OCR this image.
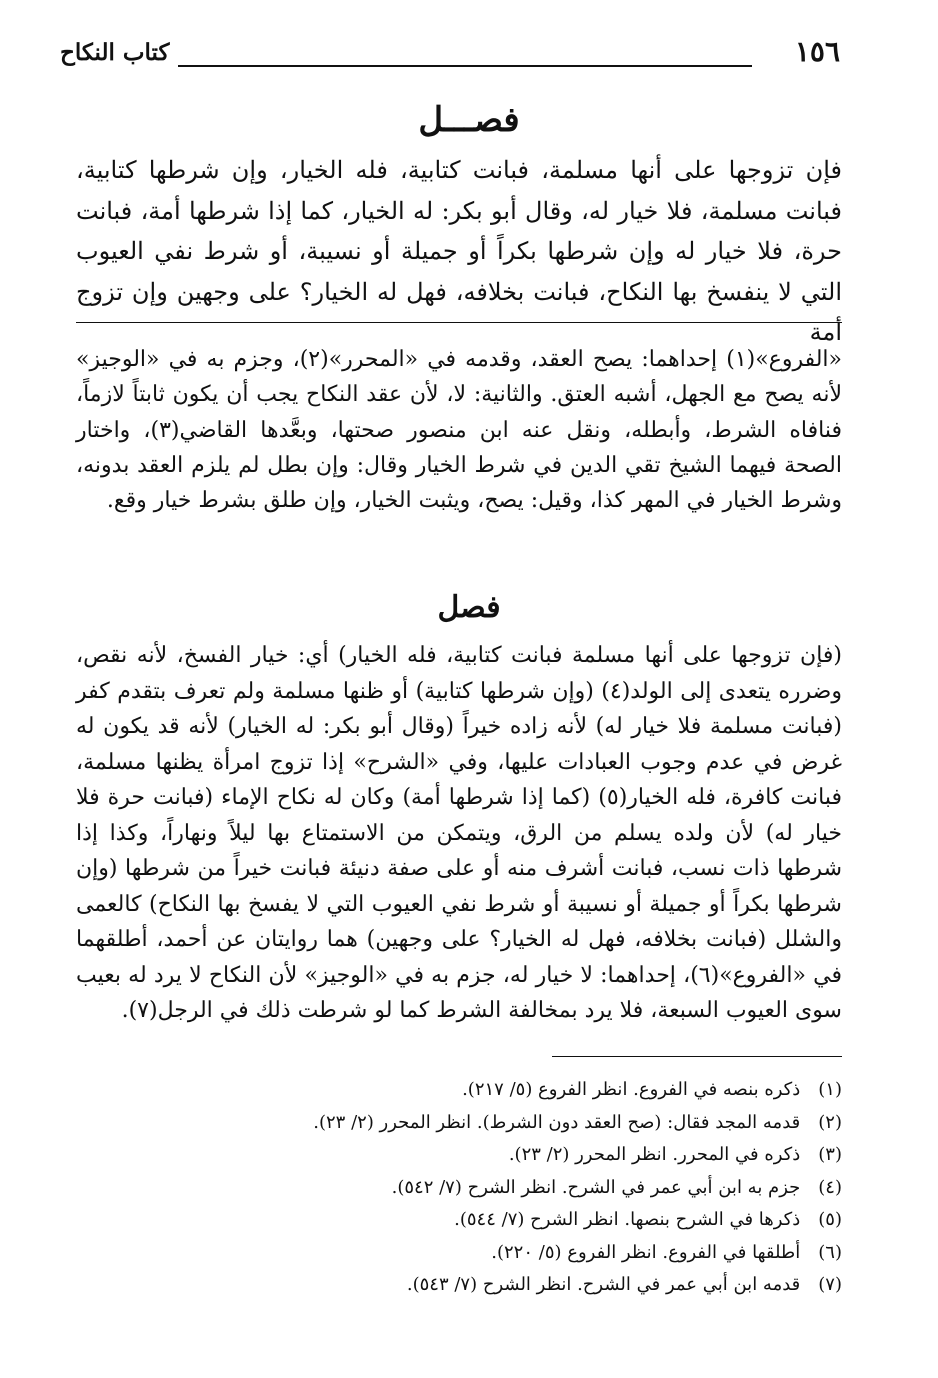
١٥٦
كتاب النكاح
فصـــل

فإن تزوجها على أنها مسلمة، فبانت كتابية، فله الخيار، وإن شرطها كتابية، فبانت مسلمة، فلا خيار له، وقال أبو بكر: له الخيار، كما إذا شرطها أمة، فبانت حرة، فلا خيار له وإن شرطها بكراً أو جميلة أو نسيبة، أو شرط نفي العيوب التي لا ينفسخ بها النكاح، فبانت بخلافه، فهل له الخيار؟ على وجهين وإن تزوج أمة

«الفروع»(١) إحداهما: يصح العقد، وقدمه في «المحرر»(٢)، وجزم به في «الوجيز» لأنه يصح مع الجهل، أشبه العتق. والثانية: لا، لأن عقد النكاح يجب أن يكون ثابتاً لازماً، فنافاه الشرط، وأبطله، ونقل عنه ابن منصور صحتها، وبعَّدها القاضي(٣)، واختار الصحة فيهما الشيخ تقي الدين في شرط الخيار وقال: وإن بطل لم يلزم العقد بدونه، وشرط الخيار في المهر كذا، وقيل: يصح، ويثبت الخيار، وإن طلق بشرط خيار وقع.

فصل

(فإن تزوجها على أنها مسلمة فبانت كتابية، فله الخيار) أي: خيار الفسخ، لأنه نقص، وضرره يتعدى إلى الولد(٤) (وإن شرطها كتابية) أو ظنها مسلمة ولم تعرف بتقدم كفر (فبانت مسلمة فلا خيار له) لأنه زاده خيراً (وقال أبو بكر: له الخيار) لأنه قد يكون له غرض في عدم وجوب العبادات عليها، وفي «الشرح» إذا تزوج امرأة يظنها مسلمة، فبانت كافرة، فله الخيار(٥) (كما إذا شرطها أمة) وكان له نكاح الإماء (فبانت حرة فلا خيار له) لأن ولده يسلم من الرق، ويتمكن من الاستمتاع بها ليلاً ونهاراً، وكذا إذا شرطها ذات نسب، فبانت أشرف منه أو على صفة دنيئة فبانت خيراً من شرطها (وإن شرطها بكراً أو جميلة أو نسيبة أو شرط نفي العيوب التي لا يفسخ بها النكاح) كالعمى والشلل (فبانت بخلافه، فهل له الخيار؟ على وجهين) هما روايتان عن أحمد، أطلقهما في «الفروع»(٦)، إحداهما: لا خيار له، جزم به في «الوجيز» لأن النكاح لا يرد له بعيب سوى العيوب السبعة، فلا يرد بمخالفة الشرط كما لو شرطت ذلك في الرجل(٧).

(١) ذكره بنصه في الفروع. انظر الفروع (٥/ ٢١٧).
(٢) قدمه المجد فقال: (صح العقد دون الشرط). انظر المحرر (٢/ ٢٣).
(٣) ذكره في المحرر. انظر المحرر (٢/ ٢٣).
(٤) جزم به ابن أبي عمر في الشرح. انظر الشرح (٧/ ٥٤٢).
(٥) ذكرها في الشرح بنصها. انظر الشرح (٧/ ٥٤٤).
(٦) أطلقها في الفروع. انظر الفروع (٥/ ٢٢٠).
(٧) قدمه ابن أبي عمر في الشرح. انظر الشرح (٧/ ٥٤٣).
